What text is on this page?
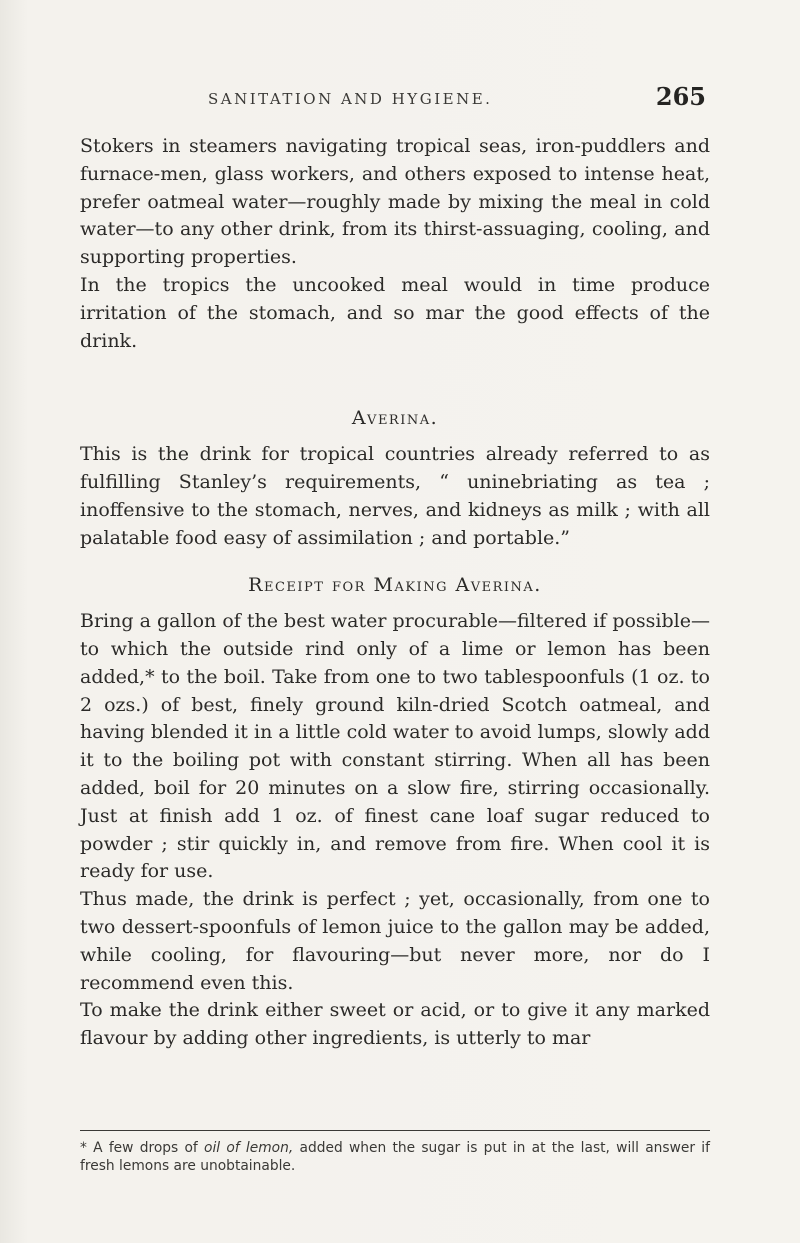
SANITATION AND HYGIENE.	265

Stokers in steamers navigating tropical seas, iron-puddlers and furnace-men, glass workers, and others exposed to intense heat, prefer oatmeal water—roughly made by mixing the meal in cold water—to any other drink, from its thirst-assuaging, cooling, and supporting properties.

In the tropics the uncooked meal would in time produce irritation of the stomach, and so mar the good effects of the drink.

Averina.

This is the drink for tropical countries already referred to as fulfilling Stanley’s requirements, “ uninebriating as tea ; inoffensive to the stomach, nerves, and kidneys as milk ; with all palatable food easy of assimilation ; and portable.”

Receipt for Making Averina.

Bring a gallon of the best water procurable—filtered if possible—to which the outside rind only of a lime or lemon has been added,* to the boil. Take from one to two tablespoonfuls (1 oz. to 2 ozs.) of best, finely ground kiln-dried Scotch oatmeal, and having blended it in a little cold water to avoid lumps, slowly add it to the boiling pot with constant stirring. When all has been added, boil for 20 minutes on a slow fire, stirring occasionally. Just at finish add 1 oz. of finest cane loaf sugar reduced to powder ; stir quickly in, and remove from fire. When cool it is ready for use.

Thus made, the drink is perfect ; yet, occasionally, from one to two dessert-spoonfuls of lemon juice to the gallon may be added, while cooling, for flavouring—but never more, nor do I recommend even this.

To make the drink either sweet or acid, or to give it any marked flavour by adding other ingredients, is utterly to mar

* A few drops of oil of lemon, added when the sugar is put in at the last, will answer if fresh lemons are unobtainable.
